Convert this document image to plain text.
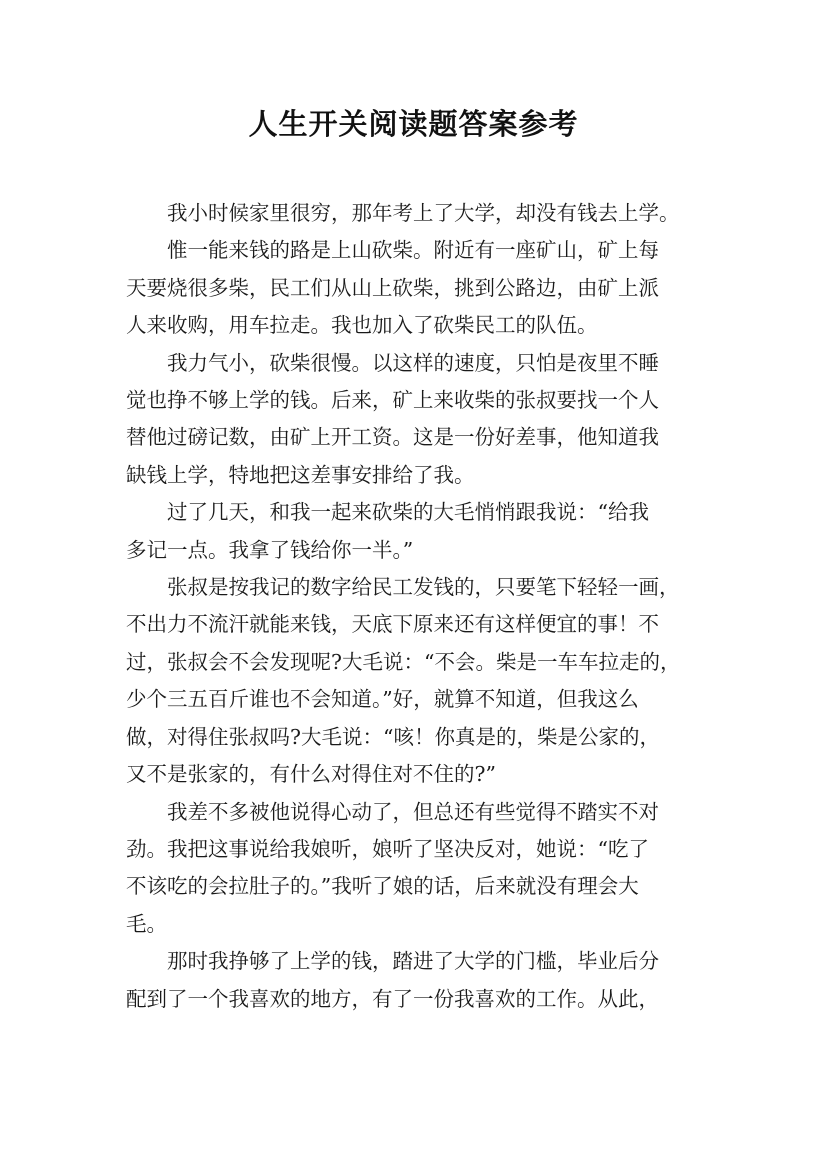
人生开关阅读题答案参考
我小时候家里很穷，那年考上了大学，却没有钱去上学。
惟一能来钱的路是上山砍柴。附近有一座矿山，矿上每
天要烧很多柴，民工们从山上砍柴，挑到公路边，由矿上派
人来收购，用车拉走。我也加入了砍柴民工的队伍。
我力气小，砍柴很慢。以这样的速度，只怕是夜里不睡
觉也挣不够上学的钱。后来，矿上来收柴的张叔要找一个人
替他过磅记数，由矿上开工资。这是一份好差事，他知道我
缺钱上学，特地把这差事安排给了我。
过了几天，和我一起来砍柴的大毛悄悄跟我说：“给我
多记一点。我拿了钱给你一半。”
张叔是按我记的数字给民工发钱的，只要笔下轻轻一画，
不出力不流汗就能来钱，天底下原来还有这样便宜的事！不
过，张叔会不会发现呢?大毛说：“不会。柴是一车车拉走的，
少个三五百斤谁也不会知道。”好，就算不知道，但我这么
做，对得住张叔吗?大毛说：“咳！你真是的，柴是公家的，
又不是张家的，有什么对得住对不住的?”
我差不多被他说得心动了，但总还有些觉得不踏实不对
劲。我把这事说给我娘听，娘听了坚决反对，她说：“吃了
不该吃的会拉肚子的。”我听了娘的话，后来就没有理会大
毛。
那时我挣够了上学的钱，踏进了大学的门槛，毕业后分
配到了一个我喜欢的地方，有了一份我喜欢的工作。从此，
